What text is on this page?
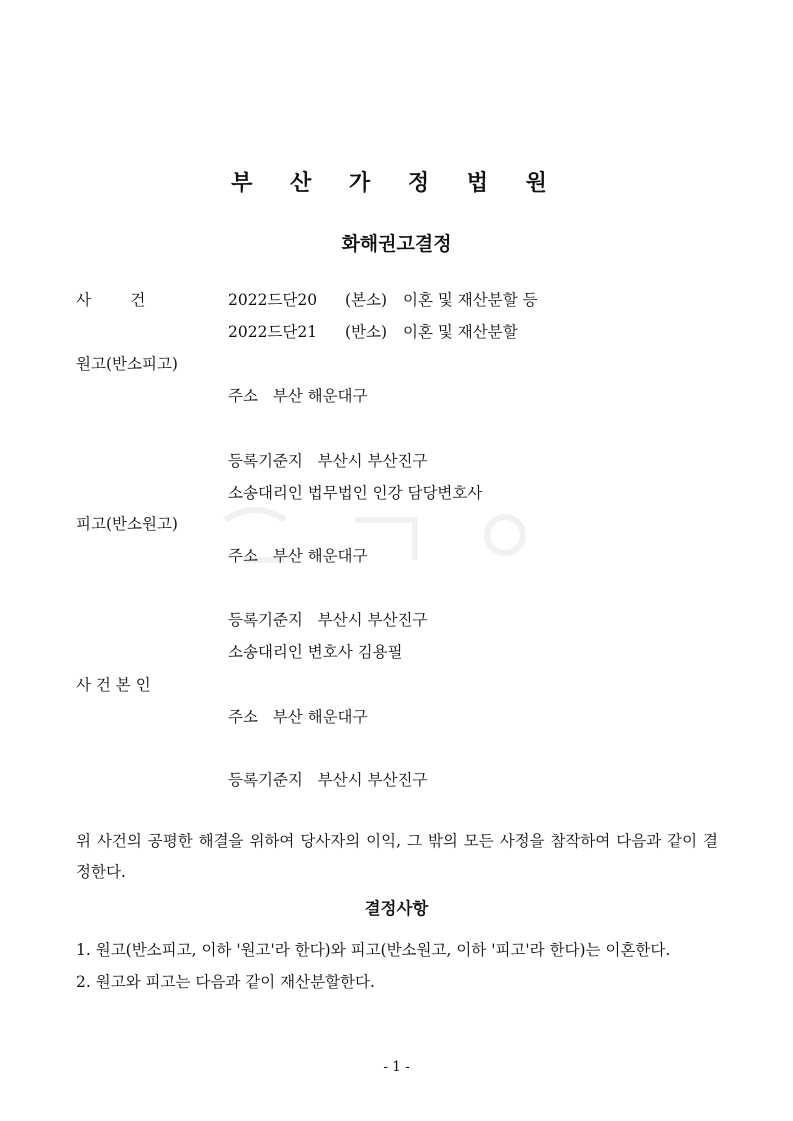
부 산 가 정 법 원
화해권고결정
사        건	2022드단20 (본소) 이혼 및 재산분할 등
2022드단21 (반소) 이혼 및 재산분할
원고(반소피고)
주소   부산 해운대구
등록기준지   부산시 부산진구
소송대리인 법무법인 인강 담당변호사
피고(반소원고)
주소   부산 해운대구
등록기준지   부산시 부산진구
소송대리인 변호사 김용필
사 건 본 인
주소   부산 해운대구
등록기준지   부산시 부산진구
위 사건의 공평한 해결을 위하여 당사자의 이익, 그 밖의 모든 사정을 참작하여 다음과 같이 결정한다.
결정사항
1. 원고(반소피고, 이하 '원고'라 한다)와 피고(반소원고, 이하 '피고'라 한다)는 이혼한다.
2. 원고와 피고는 다음과 같이 재산분할한다.
- 1 -
